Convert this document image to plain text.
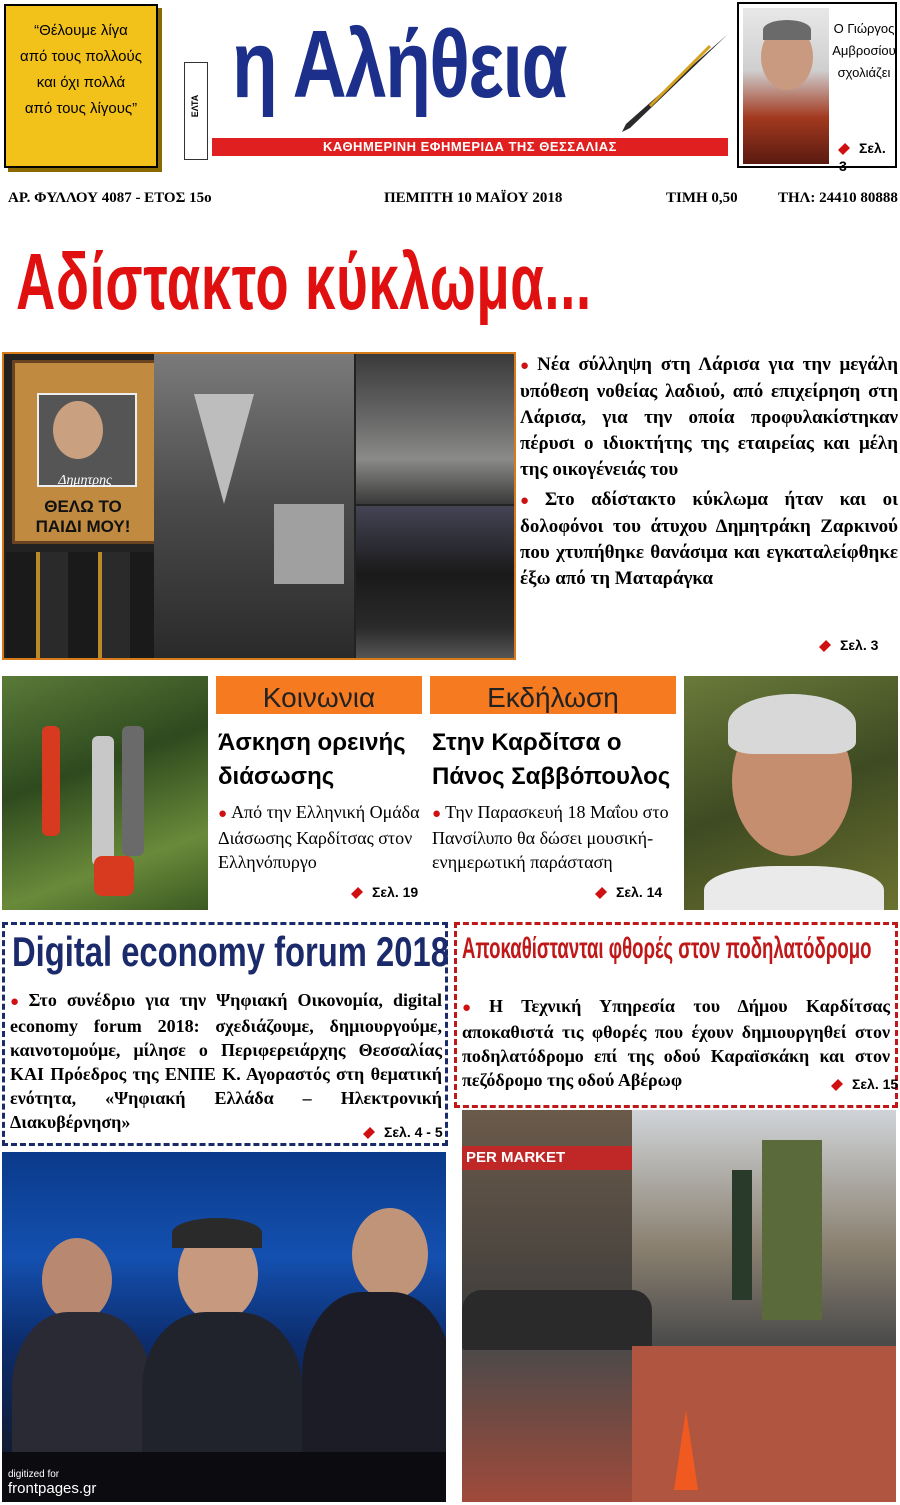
“Θέλουμε λίγα
από τους πολλούς
και όχι πολλά
από τους λίγους”	ΕΛΤΑ η Αλήθεια
ΚΑΘΗΜΕΡΙΝΗ ΕΦΗΜΕΡΙΔΑ ΤΗΣ ΘΕΣΣΑΛΙΑΣ
Ο Γιώργος
Αμβροσίου
σχολιάζει
Σελ. 3
ΑΡ. ΦΥΛΛΟΥ 4087 - ΕΤΟΣ 15ο	ΠΕΜΠΤΗ 10 ΜΑΪΟΥ 2018	ΤΙΜΗ 0,50	ΤΗΛ: 24410 80888
Αδίστακτο κύκλωμα...
Δημητρης
ΘΕΛΩ ΤΟ ΠΑΙΔΙ ΜΟΥ!

● Νέα σύλληψη στη Λάρισα για την μεγάλη υπόθεση νοθείας λαδιού, από επιχείρηση στη Λάρισα, για την οποία προφυλακίστηκαν πέρυσι ο ιδιοκτήτης της εταιρείας και μέλη της οικογένειάς του

● Στο αδίστακτο κύκλωμα ήταν και οι δολοφόνοι του άτυχου Δημητράκη Ζαρκινού που χτυπήθηκε θανάσιμα και εγκαταλείφθηκε έξω από τη Ματαράγκα

Σελ. 3
Κοινωνια
Άσκηση ορεινής διάσωσης
● Από την Ελληνική Ομάδα Διάσωσης Καρδίτσας στον Ελληνόπυργο
Σελ. 19
Εκδήλωση
Στην Καρδίτσα ο Πάνος Σαββόπουλος
● Την Παρασκευή 18 Μαΐου στο Πανσίλυπο θα δώσει μουσική-ενημερωτική παράσταση
Σελ. 14
Digital economy forum 2018
● Στο συνέδριο για την Ψηφιακή Οικονομία, digital economy forum 2018: σχεδιάζουμε, δημιουργούμε, καινοτομούμε, μίλησε ο Περιφερειάρχης Θεσσαλίας ΚΑΙ Πρόεδρος της ΕΝΠΕ Κ. Αγοραστός στη θεματική ενότητα, «Ψηφιακή Ελλάδα – Ηλεκτρονική Διακυβέρνηση»	Σελ. 4 - 5
Αποκαθίστανται φθορές στον ποδηλατόδρομο
● Η Τεχνική Υπηρεσία του Δήμου Καρδίτσας αποκαθιστά τις φθορές που έχουν δημιουργηθεί στον ποδηλατόδρομο επί της οδού Καραϊσκάκη και στον πεζόδρομο της οδού Αβέρωφ	Σελ. 15
PER MARKET
digitized for
frontpages.gr
